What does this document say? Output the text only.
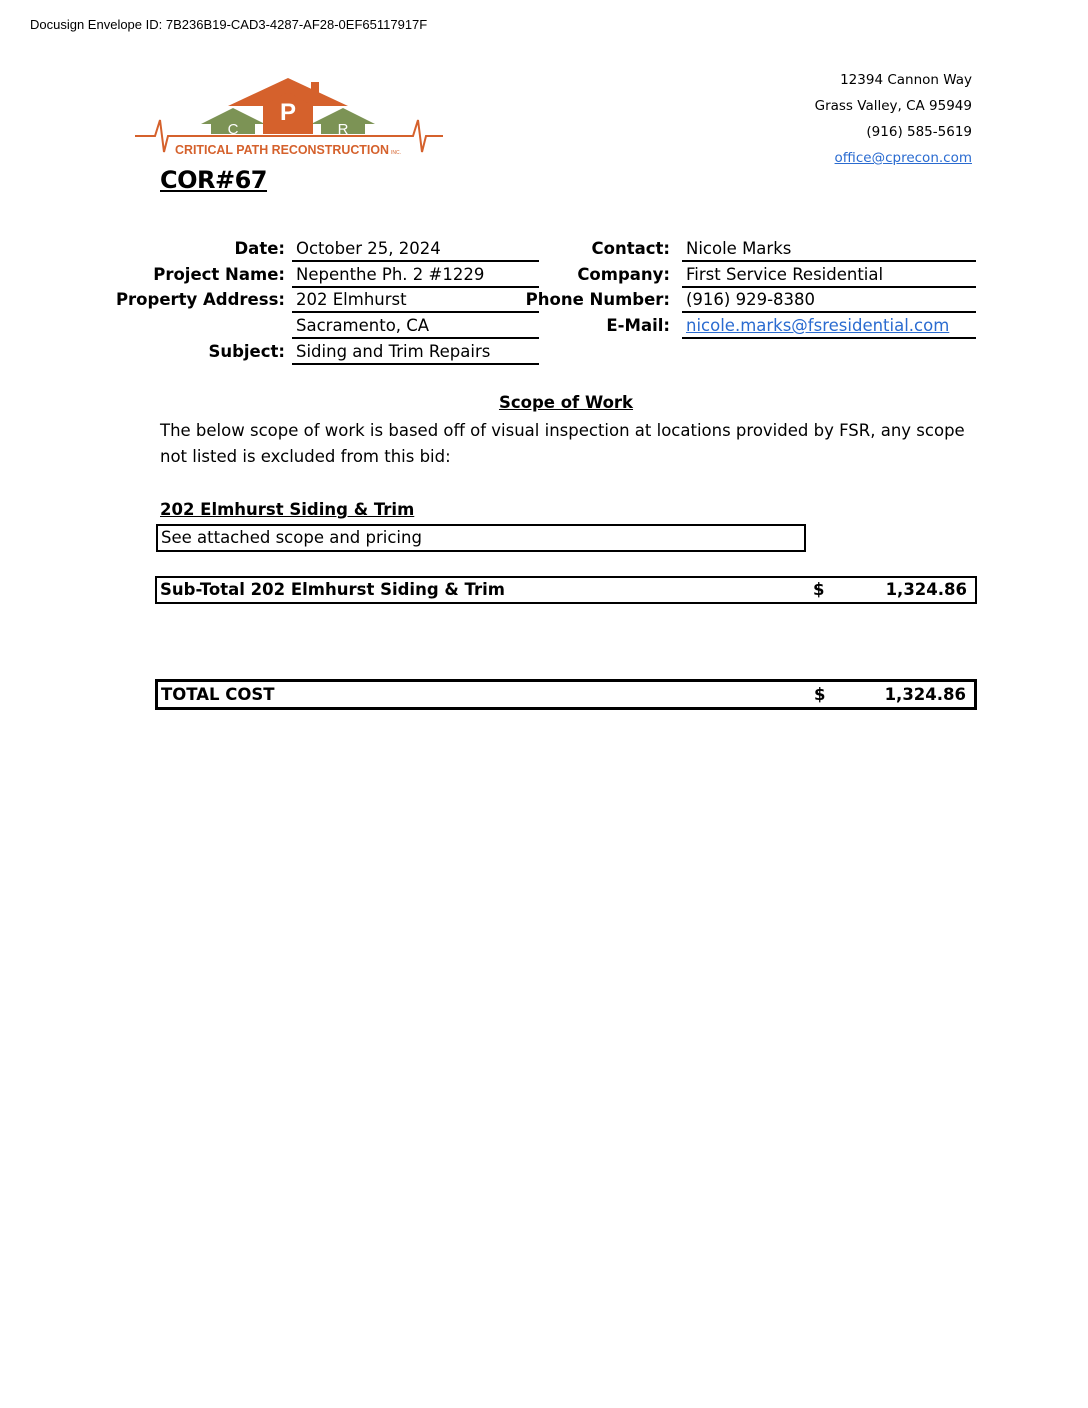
Docusign Envelope ID: 7B236B19-CAD3-4287-AF28-0EF65117917F
P
C	R
CRITICAL PATH RECONSTRUCTION INC.
12394 Cannon Way
Grass Valley, CA 95949
(916) 585-5619
office@cprecon.com
COR#67
Date: October 25, 2024
Project Name: Nepenthe Ph. 2 #1229
Property Address: 202 Elmhurst
Sacramento, CA
Subject: Siding and Trim Repairs
Contact: Nicole Marks
Company: First Service Residential
Phone Number: (916) 929-8380
E-Mail: nicole.marks@fsresidential.com
Scope of Work
The below scope of work is based off of visual inspection at locations provided by FSR, any scope not listed is excluded from this bid:
202 Elmhurst Siding & Trim
See attached scope and pricing
Sub-Total 202 Elmhurst Siding & Trim	$	1,324.86
TOTAL COST	$	1,324.86
